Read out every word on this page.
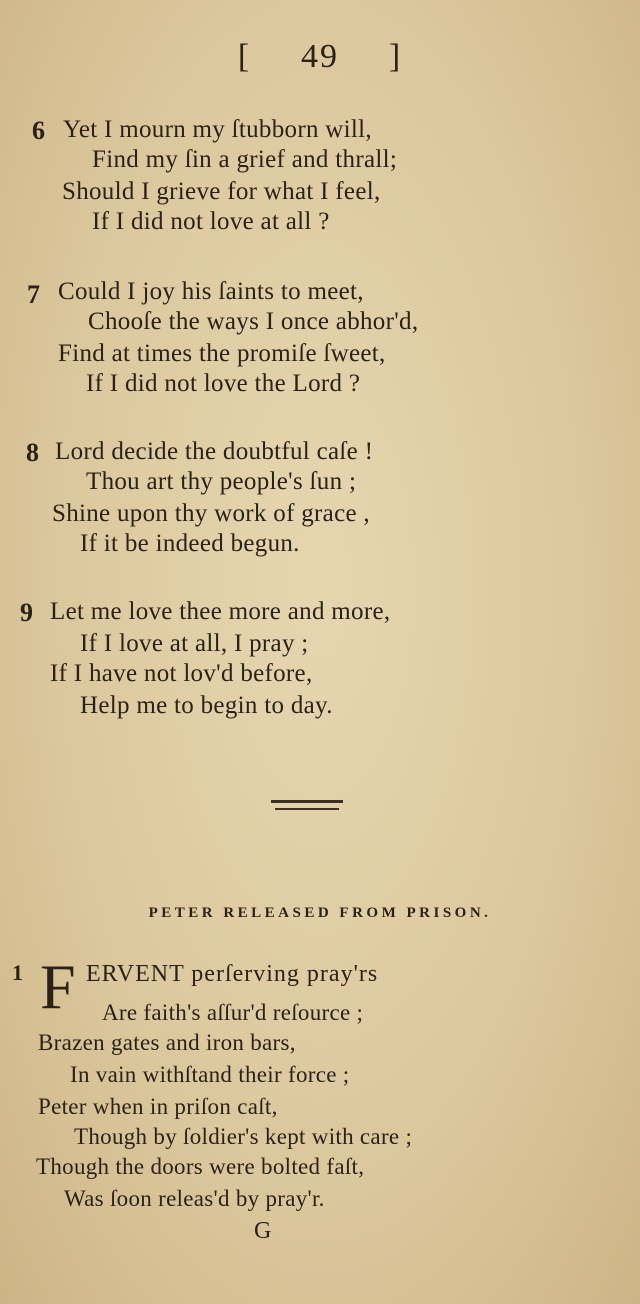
[ 49 ]
6 Yet I mourn my ſtubborn will,
Find my ſin a grief and thrall;
Should I grieve for what I feel,
If I did not love at all ?
7 Could I joy his ſaints to meet,
Chooſe the ways I once abhor'd,
Find at times the promiſe ſweet,
If I did not love the Lord ?
8 Lord decide the doubtful caſe !
Thou art thy people's ſun ;
Shine upon thy work of grace ,
If it be indeed begun.
9 Let me love thee more and more,
If I love at all, I pray ;
If I have not lov'd before,
Help me to begin to day.
PETER RELEASED FROM PRISON.
1 F ERVENT perſerving pray'rs
Are faith's aſſur'd reſource ;
Brazen gates and iron bars,
In vain withſtand their force ;
Peter when in priſon caſt,
Though by ſoldier's kept with care ;
Though the doors were bolted faſt,
Was ſoon releas'd by pray'r.
G
